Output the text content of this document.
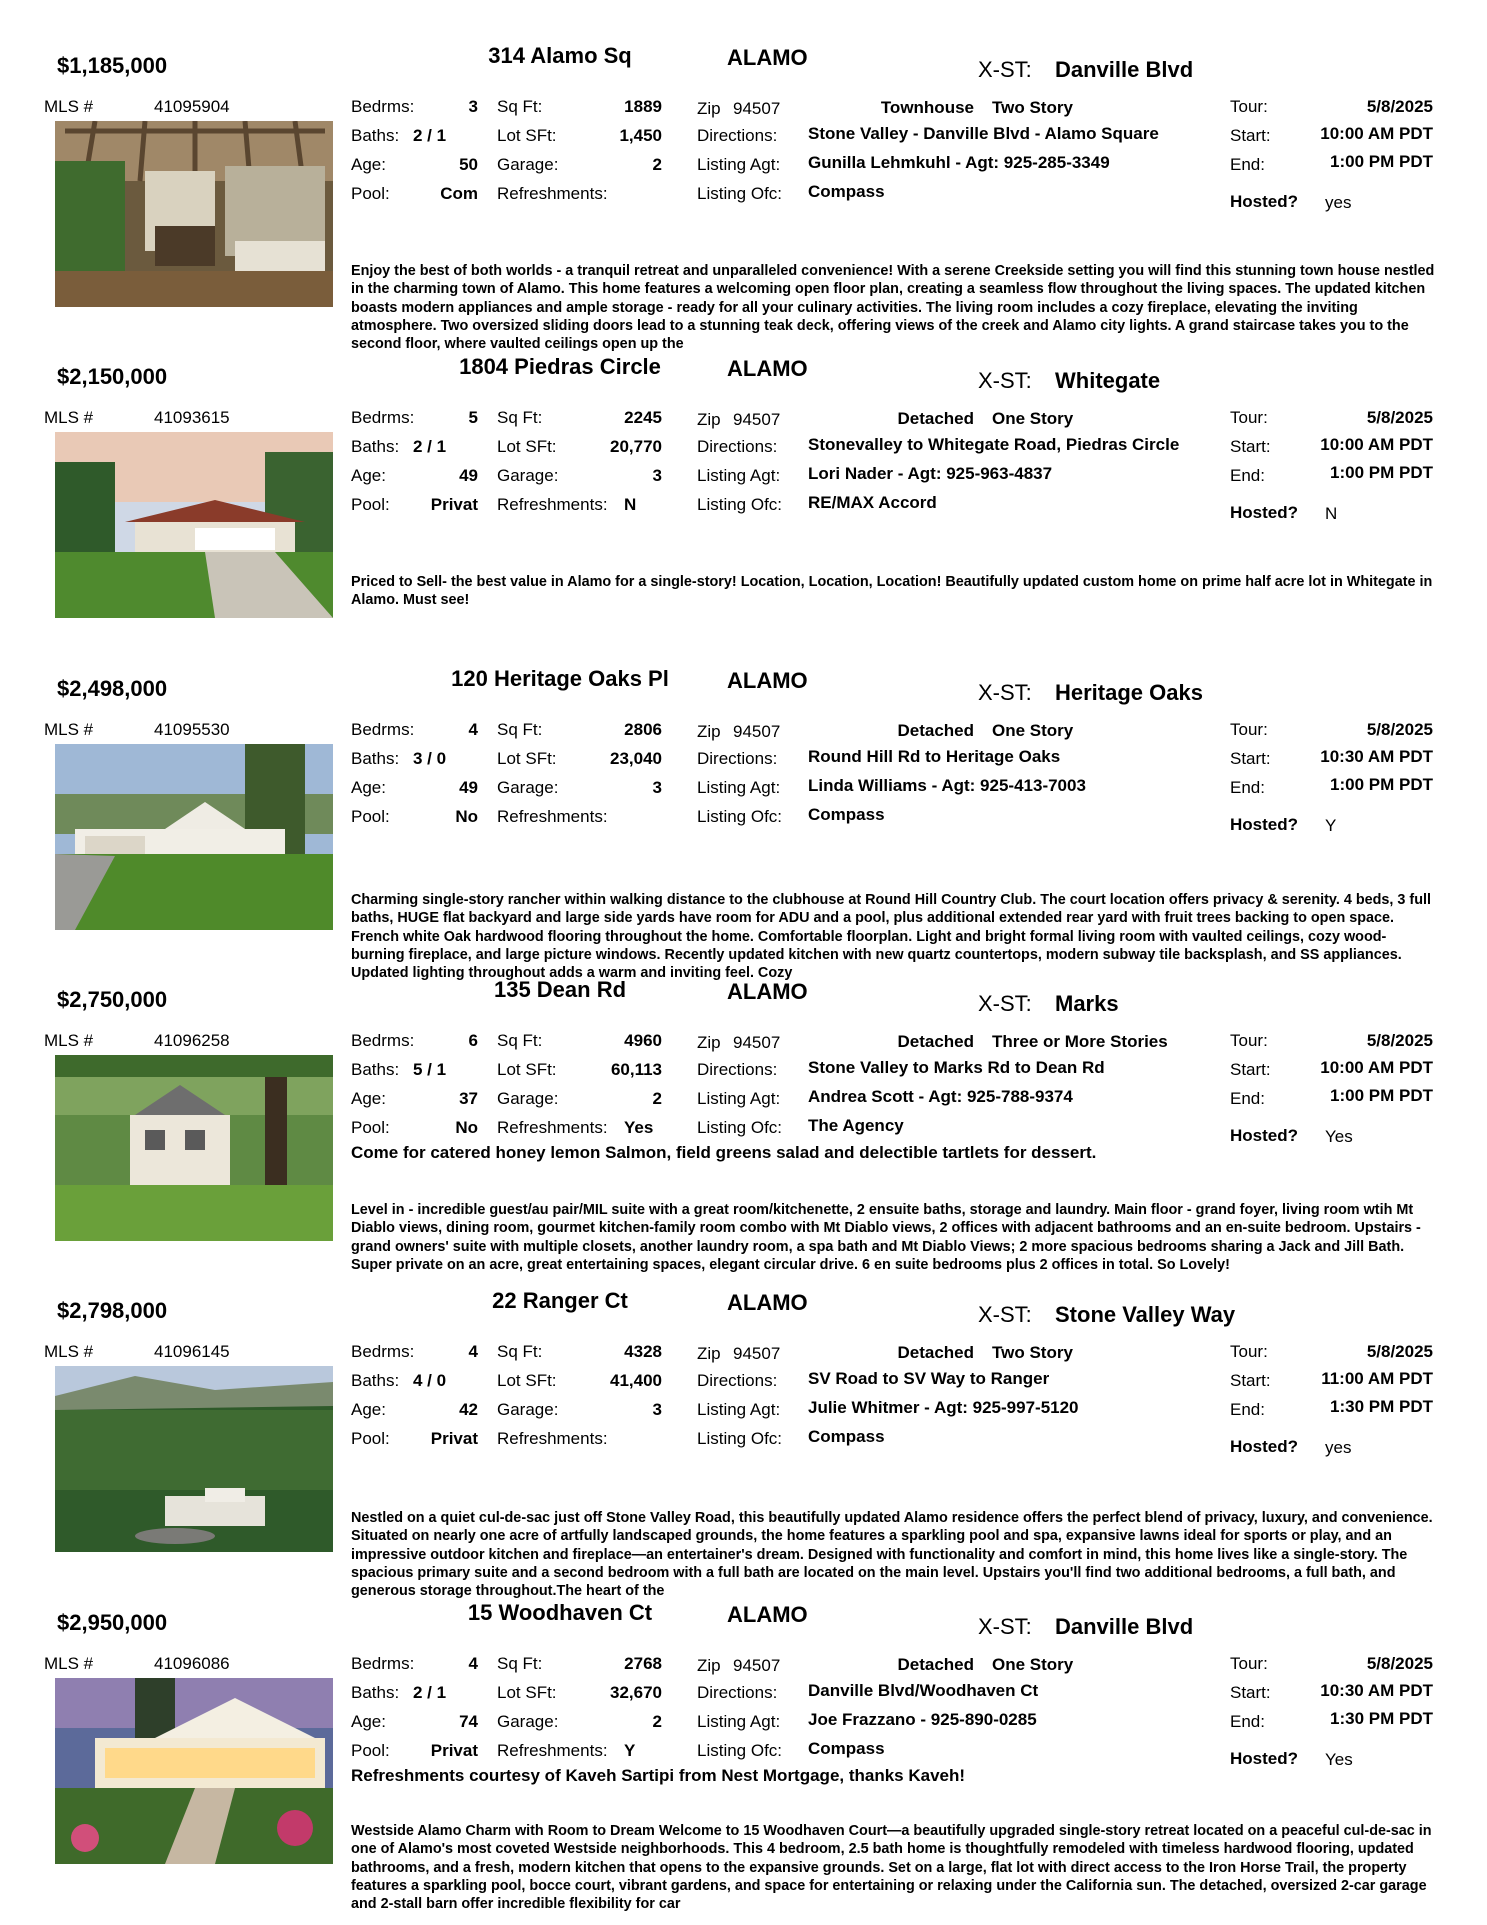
$1,185,000	314 Alamo Sq	ALAMO	X-ST: Danville Blvd
MLS #	41095904	Bedrms:	3
Baths: 2 / 1
Age:	50
Pool:	Com
Sq Ft:	1889
Lot SFt:	1,450
Garage:	2
Refreshments:
Zip 94507	Townhouse Two Story
Directions: Stone Valley - Danville Blvd - Alamo Square
Listing Agt: Gunilla Lehmkuhl - Agt: 925-285-3349
Listing Ofc: Compass
Tour:	5/8/2025
Start:	10:00 AM PDT
End:	1:00 PM PDT
Hosted? yes
Enjoy the best of both worlds - a tranquil retreat and unparalleled convenience! With a serene Creekside setting you will find this stunning town house nestled in the charming town of Alamo. This home features a welcoming open floor plan, creating a seamless flow throughout the living spaces. The updated kitchen boasts modern appliances and ample storage - ready for all your culinary activities. The living room includes a cozy fireplace, elevating the inviting atmosphere. Two oversized sliding doors lead to a stunning teak deck, offering views of the creek and Alamo city lights. A grand staircase takes you to the second floor, where vaulted ceilings open up the
$2,150,000	1804 Piedras Circle	ALAMO	X-ST: Whitegate
MLS #	41093615	Bedrms:	5
Baths: 2 / 1
Age:	49
Pool:	Privat
Sq Ft:	2245
Lot SFt:	20,770
Garage:	3
Refreshments: N
Zip 94507	Detached One Story
Directions: Stonevalley to Whitegate Road, Piedras Circle
Listing Agt: Lori Nader - Agt: 925-963-4837
Listing Ofc: RE/MAX Accord
Tour:	5/8/2025
Start:	10:00 AM PDT
End:	1:00 PM PDT
Hosted? N
Priced to Sell- the best value in Alamo for a single-story! Location, Location, Location! Beautifully updated custom home on prime half acre lot in Whitegate in Alamo. Must see!
$2,498,000	120 Heritage Oaks Pl	ALAMO	X-ST: Heritage Oaks
MLS #	41095530	Bedrms:	4
Baths: 3 / 0
Age:	49
Pool:	No
Sq Ft:	2806
Lot SFt:	23,040
Garage:	3
Refreshments:
Zip 94507	Detached One Story
Directions: Round Hill Rd to Heritage Oaks
Listing Agt: Linda Williams - Agt: 925-413-7003
Listing Ofc: Compass
Tour:	5/8/2025
Start:	10:30 AM PDT
End:	1:00 PM PDT
Hosted? Y
Charming single-story rancher within walking distance to the clubhouse at Round Hill Country Club. The court location offers privacy & serenity. 4 beds, 3 full baths, HUGE flat backyard and large side yards have room for ADU and a pool, plus additional extended rear yard with fruit trees backing to open space. French white Oak hardwood flooring throughout the home. Comfortable floorplan. Light and bright formal living room with vaulted ceilings, cozy wood-burning fireplace, and large picture windows. Recently updated kitchen with new quartz countertops, modern subway tile backsplash, and SS appliances. Updated lighting throughout adds a warm and inviting feel. Cozy
$2,750,000	135 Dean Rd	ALAMO	X-ST: Marks
MLS #	41096258	Bedrms:	6
Baths: 5 / 1
Age:	37
Pool:	No
Sq Ft:	4960
Lot SFt:	60,113
Garage:	2
Refreshments: Yes
Zip 94507	Detached Three or More Stories
Directions: Stone Valley to Marks Rd to Dean Rd
Listing Agt: Andrea Scott - Agt: 925-788-9374
Listing Ofc: The Agency
Tour:	5/8/2025
Start:	10:00 AM PDT
End:	1:00 PM PDT
Hosted? Yes
Come for catered honey lemon Salmon, field greens salad and delectible tartlets for dessert.
Level in - incredible guest/au pair/MIL suite with a great room/kitchenette, 2 ensuite baths, storage and laundry. Main floor - grand foyer, living room wtih Mt Diablo views, dining room, gourmet kitchen-family room combo with Mt Diablo views, 2 offices with adjacent bathrooms and an en-suite bedroom. Upstairs - grand owners' suite with multiple closets, another laundry room, a spa bath and Mt Diablo Views; 2 more spacious bedrooms sharing a Jack and Jill Bath. Super private on an acre, great entertaining spaces, elegant circular drive. 6 en suite bedrooms plus 2 offices in total. So Lovely!
$2,798,000	22 Ranger Ct	ALAMO	X-ST: Stone Valley Way
MLS #	41096145	Bedrms:	4
Baths: 4 / 0
Age:	42
Pool:	Privat
Sq Ft:	4328
Lot SFt:	41,400
Garage:	3
Refreshments:
Zip 94507	Detached Two Story
Directions: SV Road to SV Way to Ranger
Listing Agt: Julie Whitmer - Agt: 925-997-5120
Listing Ofc: Compass
Tour:	5/8/2025
Start:	11:00 AM PDT
End:	1:30 PM PDT
Hosted? yes
Nestled on a quiet cul-de-sac just off Stone Valley Road, this beautifully updated Alamo residence offers the perfect blend of privacy, luxury, and convenience. Situated on nearly one acre of artfully landscaped grounds, the home features a sparkling pool and spa, expansive lawns ideal for sports or play, and an impressive outdoor kitchen and fireplace—an entertainer's dream. Designed with functionality and comfort in mind, this home lives like a single-story. The spacious primary suite and a second bedroom with a full bath are located on the main level. Upstairs you'll find two additional bedrooms, a full bath, and generous storage throughout.The heart of the
$2,950,000	15 Woodhaven Ct	ALAMO	X-ST: Danville Blvd
MLS #	41096086	Bedrms:	4
Baths: 2 / 1
Age:	74
Pool:	Privat
Sq Ft:	2768
Lot SFt:	32,670
Garage:	2
Refreshments: Y
Zip 94507	Detached One Story
Directions: Danville Blvd/Woodhaven Ct
Listing Agt: Joe Frazzano - 925-890-0285
Listing Ofc: Compass
Tour:	5/8/2025
Start:	10:30 AM PDT
End:	1:30 PM PDT
Hosted? Yes
Refreshments courtesy of Kaveh Sartipi from Nest Mortgage, thanks Kaveh!
Westside Alamo Charm with Room to Dream Welcome to 15 Woodhaven Court—a beautifully upgraded single-story retreat located on a peaceful cul-de-sac in one of Alamo's most coveted Westside neighborhoods. This 4 bedroom, 2.5 bath home is thoughtfully remodeled with timeless hardwood flooring, updated bathrooms, and a fresh, modern kitchen that opens to the expansive grounds. Set on a large, flat lot with direct access to the Iron Horse Trail, the property features a sparkling pool, bocce court, vibrant gardens, and space for entertaining or relaxing under the California sun. The detached, oversized 2-car garage and 2-stall barn offer incredible flexibility for car
